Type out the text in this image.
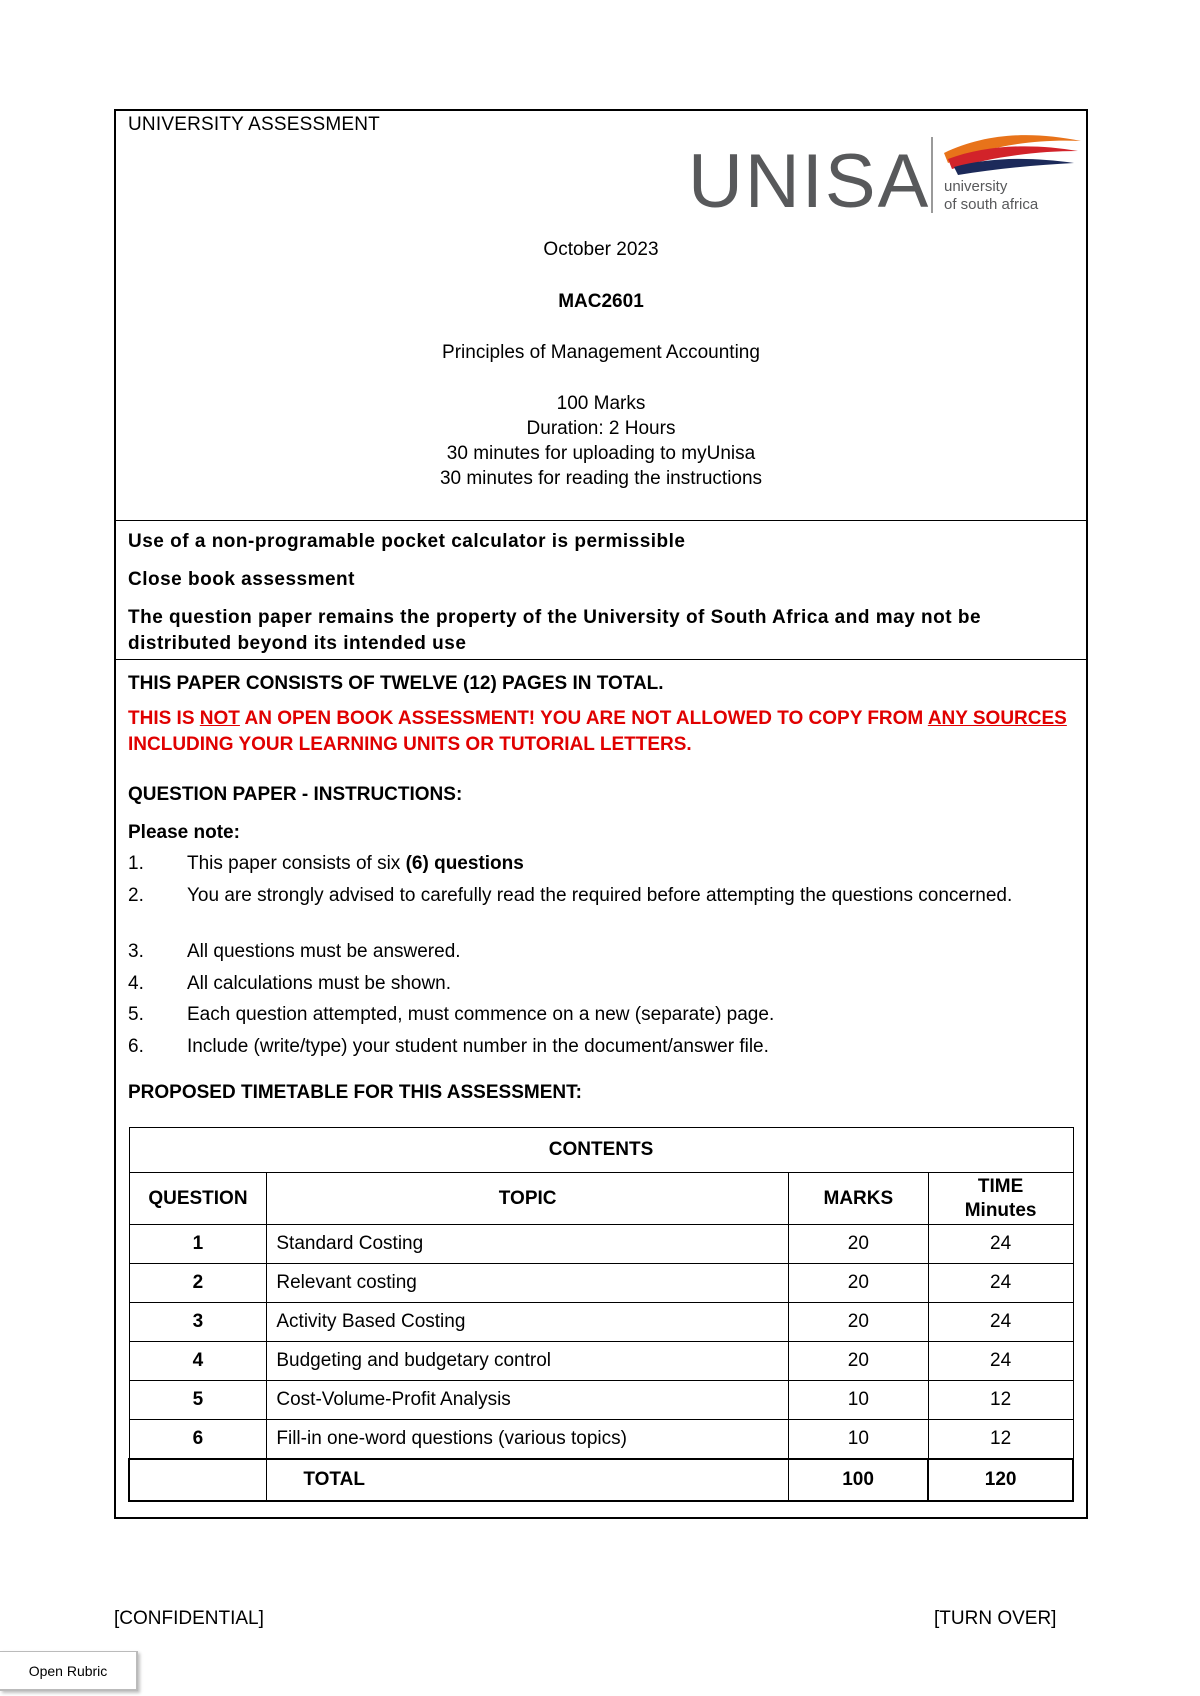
UNIVERSITY ASSESSMENT
UNISA university
of south africa
October 2023
MAC2601
Principles of Management Accounting
100 Marks
Duration: 2 Hours
30 minutes for uploading to myUnisa
30 minutes for reading the instructions

Use of a non-programable pocket calculator is permissible

Close book assessment

The question paper remains the property of the University of South Africa and may not be distributed beyond its intended use

THIS PAPER CONSISTS OF TWELVE (12) PAGES IN TOTAL.
THIS IS NOT AN OPEN BOOK ASSESSMENT! YOU ARE NOT ALLOWED TO COPY FROM ANY SOURCES INCLUDING YOUR LEARNING UNITS OR TUTORIAL LETTERS.
QUESTION PAPER - INSTRUCTIONS:
Please note:
1. This paper consists of six (6) questions
2. You are strongly advised to carefully read the required before attempting the questions concerned.
3. All questions must be answered.
4. All calculations must be shown.
5. Each question attempted, must commence on a new (separate) page.
6. Include (write/type) your student number in the document/answer file.
PROPOSED TIMETABLE FOR THIS ASSESSMENT:
CONTENTS			
QUESTION	TOPIC	MARKS	TIME
Minutes
1	Standard Costing	20	24
2	Relevant costing	20	24
3	Activity Based Costing	20	24
4	Budgeting and budgetary control	20	24
5	Cost-Volume-Profit Analysis	10	12
6	Fill-in one-word questions (various topics)	10	12
	TOTAL	100	120
[CONFIDENTIAL]	[TURN OVER]
Open Rubric
